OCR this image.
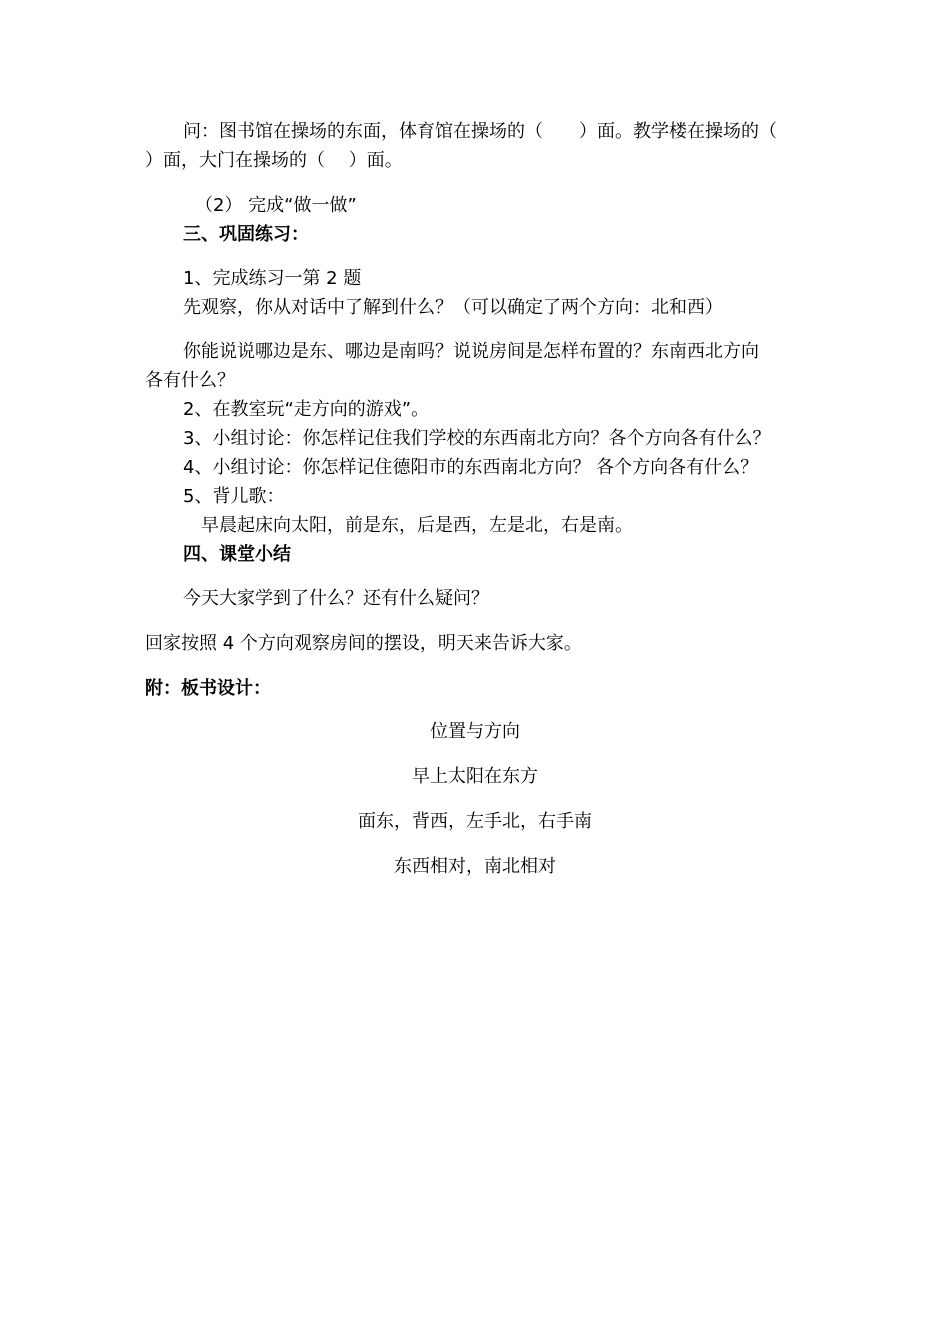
问：图书馆在操场的东面，体育馆在操场的（　　）面。教学楼在操场的（
）面，大门在操场的（　 ）面。
（2） 完成“做一做”
三、巩固练习：
1、完成练习一第 2 题
先观察，你从对话中了解到什么？（可以确定了两个方向：北和西）
你能说说哪边是东、哪边是南吗？说说房间是怎样布置的？东南西北方向
各有什么？
2、在教室玩“走方向的游戏”。
3、小组讨论：你怎样记住我们学校的东西南北方向？各个方向各有什么？
4、小组讨论：你怎样记住德阳市的东西南北方向？ 各个方向各有什么？
5、背儿歌：
早晨起床向太阳，前是东，后是西，左是北，右是南。
四、课堂小结
今天大家学到了什么？还有什么疑问？
回家按照 4 个方向观察房间的摆设，明天来告诉大家。
附：板书设计：
位置与方向
早上太阳在东方
面东，背西，左手北，右手南
东西相对，南北相对
